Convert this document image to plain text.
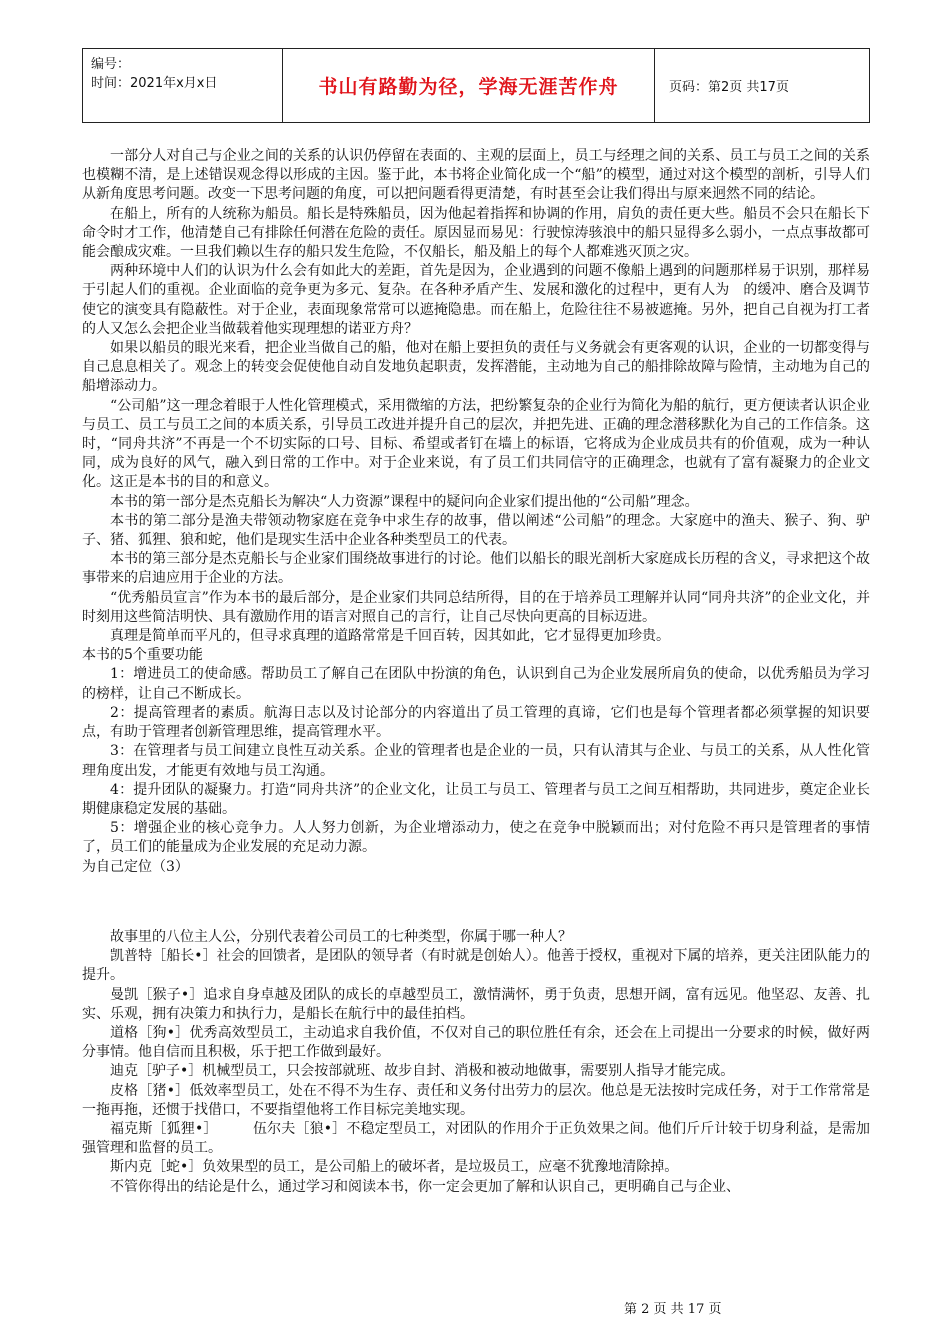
编号：
时间：2021年x月x日	书山有路勤为径，学海无涯苦作舟	页码：第2页 共17页

一部分人对自己与企业之间的关系的认识仍停留在表面的、主观的层面上，员工与经理之间的关系、员工与员工之间的关系也模糊不清，是上述错误观念得以形成的主因。鉴于此，本书将企业简化成一个“船”的模型，通过对这个模型的剖析，引导人们从新角度思考问题。改变一下思考问题的角度，可以把问题看得更清楚，有时甚至会让我们得出与原来迥然不同的结论。

在船上，所有的人统称为船员。船长是特殊船员，因为他起着指挥和协调的作用，肩负的责任更大些。船员不会只在船长下命令时才工作，他清楚自己有排除任何潜在危险的责任。原因显而易见：行驶惊涛骇浪中的船只显得多么弱小，一点点事故都可能会酿成灾难。一旦我们赖以生存的船只发生危险，不仅船长，船及船上的每个人都难逃灭顶之灾。

两种环境中人们的认识为什么会有如此大的差距，首先是因为，企业遇到的问题不像船上遇到的问题那样易于识别，那样易于引起人们的重视。企业面临的竞争更为多元、复杂。在各种矛盾产生、发展和激化的过程中，更有人为　的缓冲、磨合及调节使它的演变具有隐蔽性。对于企业，表面现象常常可以遮掩隐患。而在船上，危险往往不易被遮掩。另外，把自己自视为打工者的人又怎么会把企业当做载着他实现理想的诺亚方舟？

如果以船员的眼光来看，把企业当做自己的船，他对在船上要担负的责任与义务就会有更客观的认识，企业的一切都变得与自己息息相关了。观念上的转变会促使他自动自发地负起职责，发挥潜能，主动地为自己的船排除故障与险情，主动地为自己的船增添动力。

“公司船”这一理念着眼于人性化管理模式，采用微缩的方法，把纷繁复杂的企业行为简化为船的航行，更方便读者认识企业与员工、员工与员工之间的本质关系，引导员工改进并提升自己的层次，并把先进、正确的理念潜移默化为自己的工作信条。这时，“同舟共济”不再是一个不切实际的口号、目标、希望或者钉在墙上的标语，它将成为企业成员共有的价值观，成为一种认同，成为良好的风气，融入到日常的工作中。对于企业来说，有了员工们共同信守的正确理念，也就有了富有凝聚力的企业文化。这正是本书的目的和意义。

本书的第一部分是杰克船长为解决“人力资源”课程中的疑问向企业家们提出他的“公司船”理念。

本书的第二部分是渔夫带领动物家庭在竞争中求生存的故事，借以阐述“公司船”的理念。大家庭中的渔夫、猴子、狗、驴子、猪、狐狸、狼和蛇，他们是现实生活中企业各种类型员工的代表。

本书的第三部分是杰克船长与企业家们围绕故事进行的讨论。他们以船长的眼光剖析大家庭成长历程的含义，寻求把这个故事带来的启迪应用于企业的方法。

“优秀船员宣言”作为本书的最后部分，是企业家们共同总结所得，目的在于培养员工理解并认同“同舟共济”的企业文化，并时刻用这些简洁明快、具有激励作用的语言对照自己的言行，让自己尽快向更高的目标迈进。

真理是简单而平凡的，但寻求真理的道路常常是千回百转，因其如此，它才显得更加珍贵。

本书的5个重要功能

1：增进员工的使命感。帮助员工了解自己在团队中扮演的角色，认识到自己为企业发展所肩负的使命，以优秀船员为学习的榜样，让自己不断成长。

2：提高管理者的素质。航海日志以及讨论部分的内容道出了员工管理的真谛，它们也是每个管理者都必须掌握的知识要点，有助于管理者创新管理思维，提高管理水平。

3：在管理者与员工间建立良性互动关系。企业的管理者也是企业的一员，只有认清其与企业、与员工的关系，从人性化管理角度出发，才能更有效地与员工沟通。

4：提升团队的凝聚力。打造“同舟共济”的企业文化，让员工与员工、管理者与员工之间互相帮助，共同进步，奠定企业长期健康稳定发展的基础。

5：增强企业的核心竞争力。人人努力创新，为企业增添动力，使之在竞争中脱颖而出；对付危险不再只是管理者的事情了，员工们的能量成为企业发展的充足动力源。

为自己定位（3）

故事里的八位主人公，分别代表着公司员工的七种类型，你属于哪一种人？

凯普特［船长•］社会的回馈者，是团队的领导者（有时就是创始人）。他善于授权，重视对下属的培养，更关注团队能力的提升。

曼凯［猴子•］追求自身卓越及团队的成长的卓越型员工，激情满怀，勇于负责，思想开阔，富有远见。他坚忍、友善、扎实、乐观，拥有决策力和执行力，是船长在航行中的最佳拍档。

道格［狗•］优秀高效型员工，主动追求自我价值，不仅对自己的职位胜任有余，还会在上司提出一分要求的时候，做好两分事情。他自信而且积极，乐于把工作做到最好。

迪克［驴子•］机械型员工，只会按部就班、故步自封、消极和被动地做事，需要别人指导才能完成。

皮格［猪•］低效率型员工，处在不得不为生存、责任和义务付出劳力的层次。他总是无法按时完成任务，对于工作常常是一拖再拖，还惯于找借口，不要指望他将工作目标完美地实现。

福克斯［狐狸•］　　　伍尔夫［狼•］不稳定型员工，对团队的作用介于正负效果之间。他们斤斤计较于切身利益，是需加强管理和监督的员工。

斯内克［蛇•］负效果型的员工，是公司船上的破坏者，是垃圾员工，应毫不犹豫地清除掉。

不管你得出的结论是什么，通过学习和阅读本书，你一定会更加了解和认识自己，更明确自己与企业、

第 2 页 共 17 页
